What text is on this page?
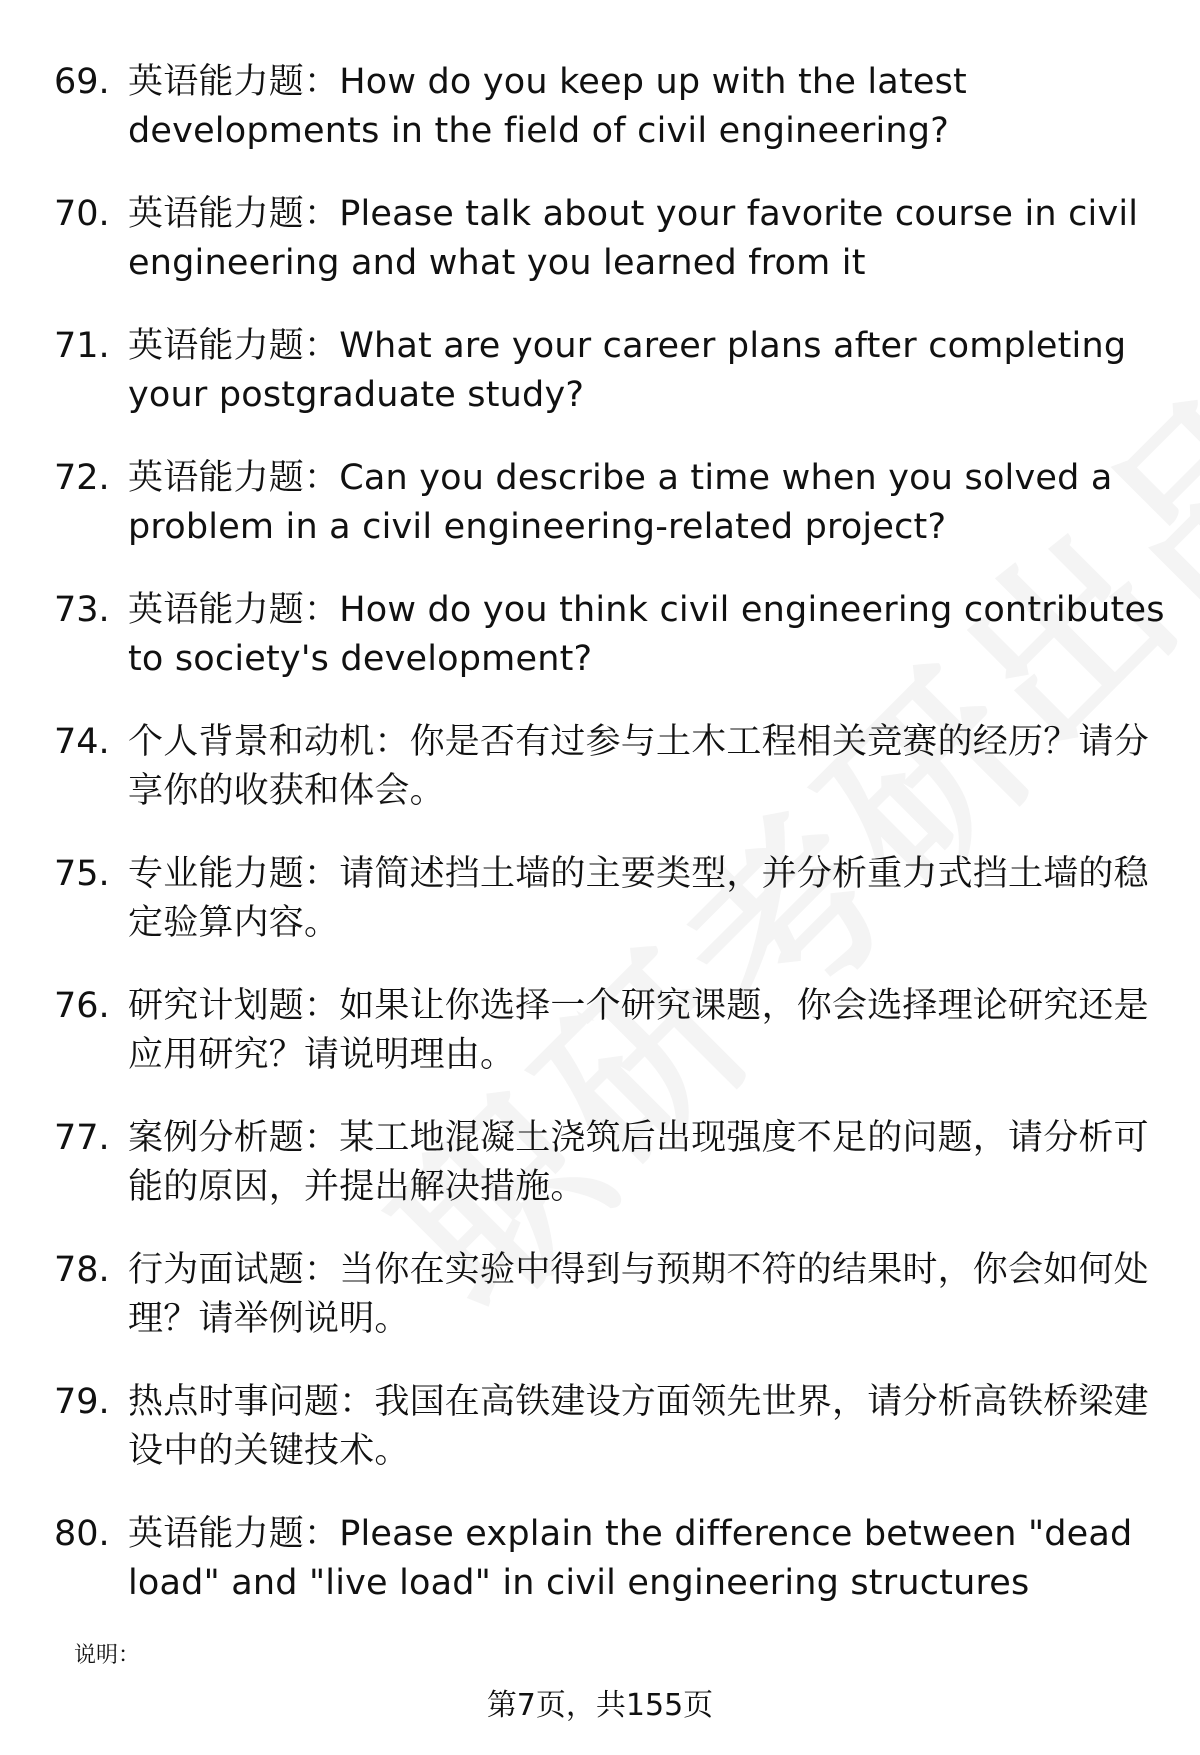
69. 英语能力题：How do you keep up with the latest developments in the field of civil engineering?
70. 英语能力题：Please talk about your favorite course in civil engineering and what you learned from it
71. 英语能力题：What are your career plans after completing your postgraduate study?
72. 英语能力题：Can you describe a time when you solved a problem in a civil engineering-related project?
73. 英语能力题：How do you think civil engineering contributes to society's development?
74. 个人背景和动机：你是否有过参与土木工程相关竞赛的经历？请分享你的收获和体会。
75. 专业能力题：请简述挡土墙的主要类型，并分析重力式挡土墙的稳定验算内容。
76. 研究计划题：如果让你选择一个研究课题，你会选择理论研究还是应用研究？请说明理由。
77. 案例分析题：某工地混凝土浇筑后出现强度不足的问题，请分析可能的原因，并提出解决措施。
78. 行为面试题：当你在实验中得到与预期不符的结果时，你会如何处理？请举例说明。
79. 热点时事问题：我国在高铁建设方面领先世界，请分析高铁桥梁建设中的关键技术。
80. 英语能力题：Please explain the difference between "dead load" and "live load" in civil engineering structures
说明：
第7页，共155页
